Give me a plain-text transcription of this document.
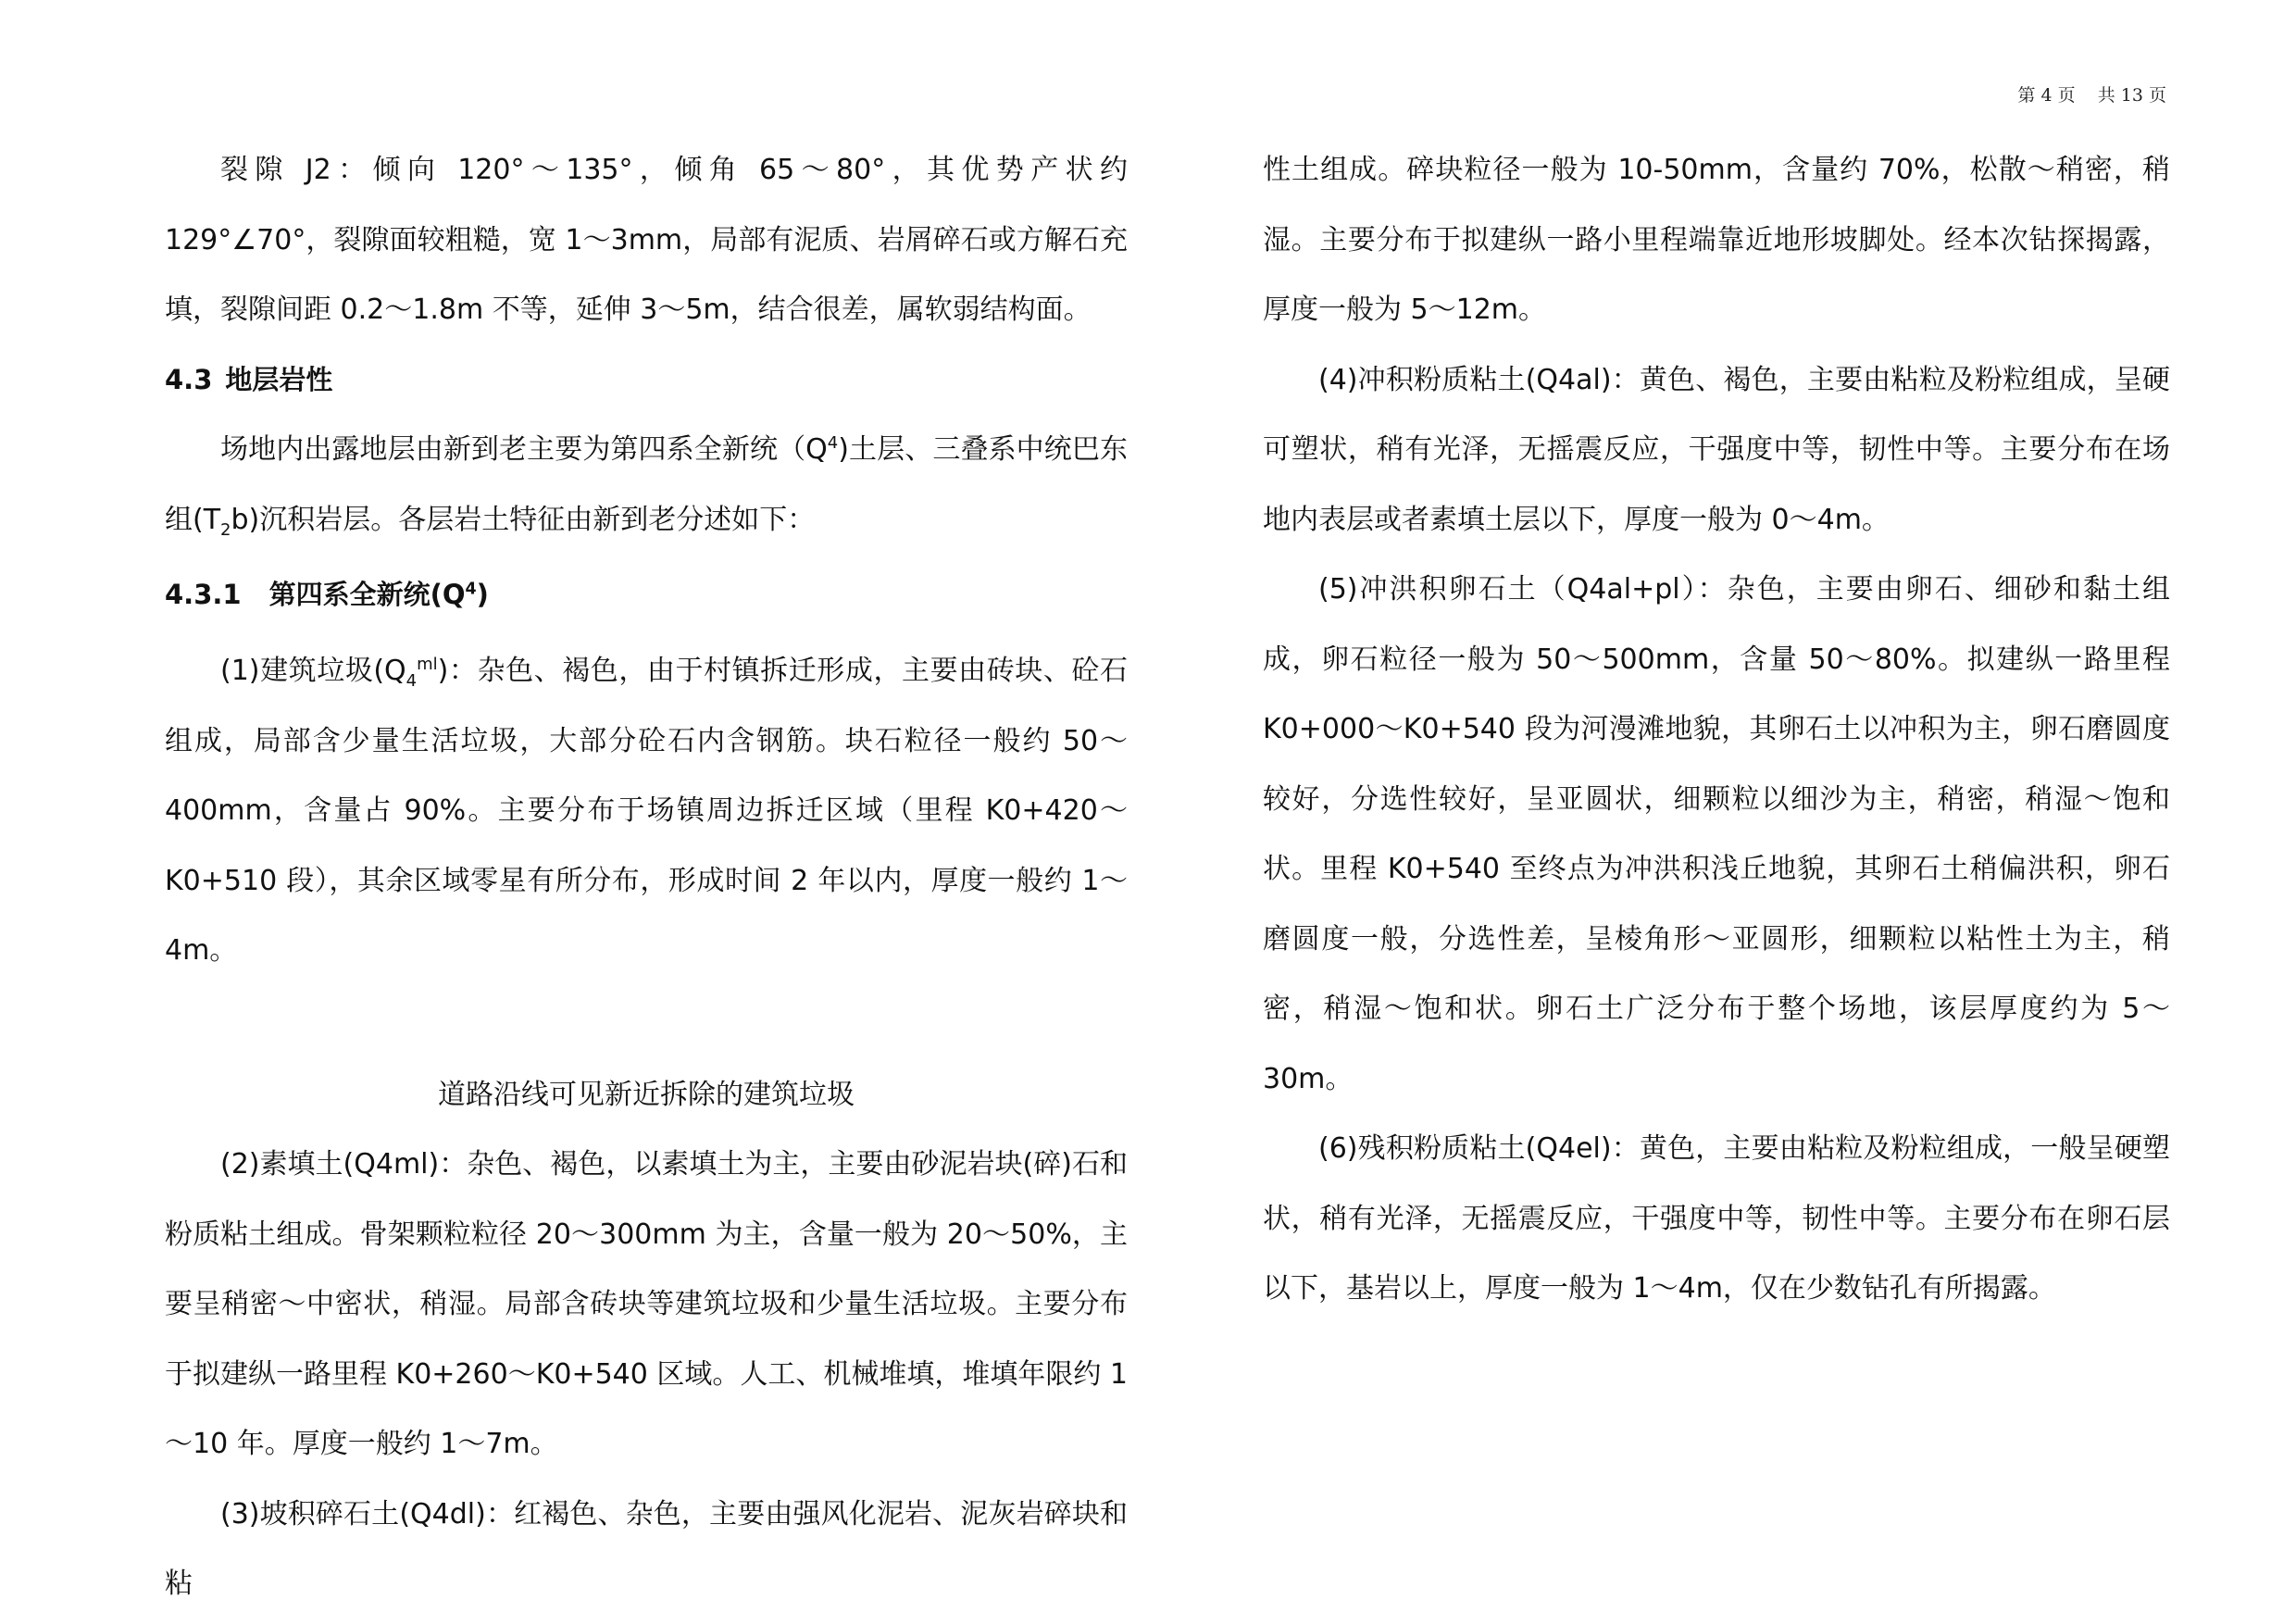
第 4 页    共 13 页

裂隙 J2：倾向 120°～135°，倾角 65～80°，其优势产状约 129°∠70°，裂隙面较粗糙，宽 1～3mm，局部有泥质、岩屑碎石或方解石充填，裂隙间距 0.2～1.8m 不等，延伸 3～5m，结合很差，属软弱结构面。

4.3 地层岩性

场地内出露地层由新到老主要为第四系全新统$(Q^4)$土层、三叠系中统巴东组$(T_2b)$沉积岩层。各层岩土特征由新到老分述如下：

4.3.1 第四系全新统$(Q^4)$

(1)建筑垃圾$(Q_4^{ml})$：杂色、褐色，由于村镇拆迁形成，主要由砖块、砼石组成，局部含少量生活垃圾，大部分砼石内含钢筋。块石粒径一般约 50～400mm，含量占 90%。主要分布于场镇周边拆迁区域（里程 K0+420～K0+510 段），其余区域零星有所分布，形成时间 2 年以内，厚度一般约 1～4m。

道路沿线可见新近拆除的建筑垃圾

(2)素填土(Q4ml)：杂色、褐色，以素填土为主，主要由砂泥岩块(碎)石和粉质粘土组成。骨架颗粒粒径 20～300mm 为主，含量一般为 20～50%，主要呈稍密～中密状，稍湿。局部含砖块等建筑垃圾和少量生活垃圾。主要分布于拟建纵一路里程 K0+260～K0+540 区域。人工、机械堆填，堆填年限约 1～10 年。厚度一般约 1～7m。

(3)坡积碎石土(Q4dl)：红褐色、杂色，主要由强风化泥岩、泥灰岩碎块和粘

性土组成。碎块粒径一般为 10-50mm，含量约 70%，松散～稍密，稍湿。主要分布于拟建纵一路小里程端靠近地形坡脚处。经本次钻探揭露，厚度一般为 5～12m。

(4)冲积粉质粘土(Q4al)：黄色、褐色，主要由粘粒及粉粒组成，呈硬可塑状，稍有光泽，无摇震反应，干强度中等，韧性中等。主要分布在场地内表层或者素填土层以下，厚度一般为 0～4m。

(5)冲洪积卵石土（Q4al+pl）：杂色，主要由卵石、细砂和黏土组成，卵石粒径一般为 50～500mm，含量 50～80%。拟建纵一路里程 K0+000～K0+540 段为河漫滩地貌，其卵石土以冲积为主，卵石磨圆度较好，分选性较好，呈亚圆状，细颗粒以细沙为主，稍密，稍湿～饱和状。里程 K0+540 至终点为冲洪积浅丘地貌，其卵石土稍偏洪积，卵石磨圆度一般，分选性差，呈棱角形～亚圆形，细颗粒以粘性土为主，稍密，稍湿～饱和状。卵石土广泛分布于整个场地，该层厚度约为 5～30m。

(6)残积粉质粘土(Q4el)：黄色，主要由粘粒及粉粒组成，一般呈硬塑状，稍有光泽，无摇震反应，干强度中等，韧性中等。主要分布在卵石层以下，基岩以上，厚度一般为 1～4m，仅在少数钻孔有所揭露。
